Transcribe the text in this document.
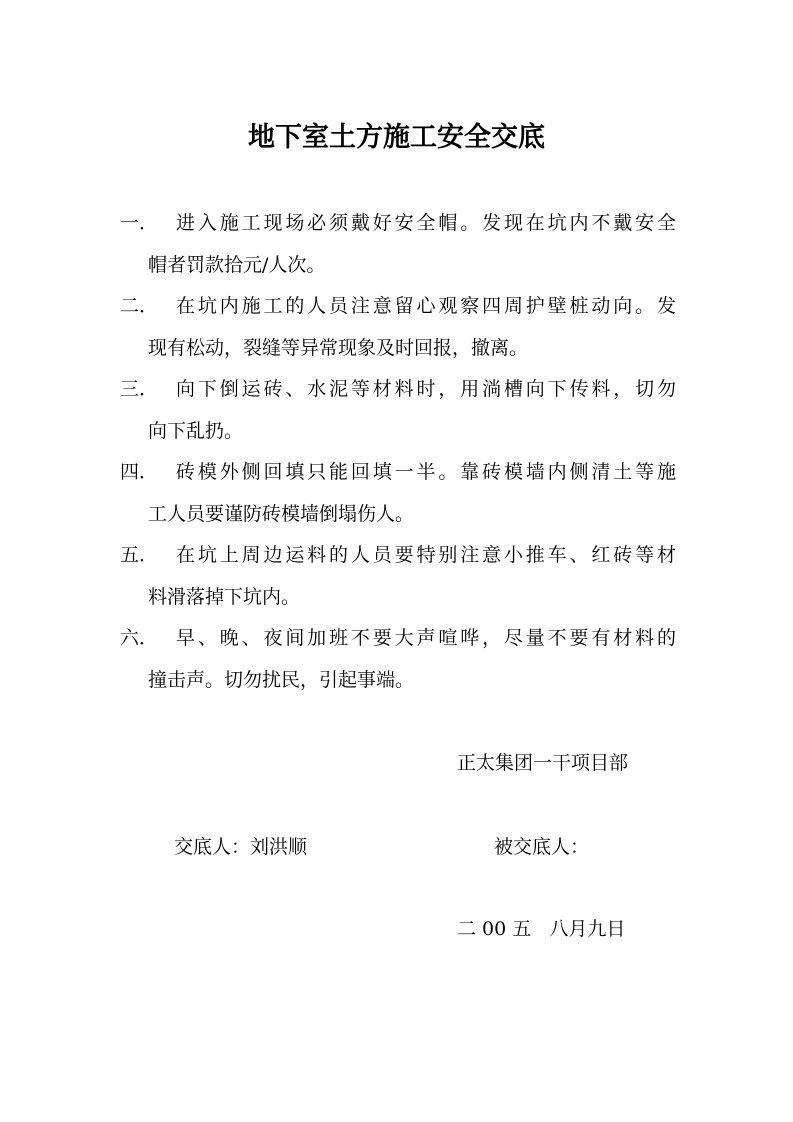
地下室土方施工安全交底
一． 进入施工现场必须戴好安全帽。发现在坑内不戴安全
帽者罚款拾元/人次。
二． 在坑内施工的人员注意留心观察四周护壁桩动向。发
现有松动，裂缝等异常现象及时回报，撤离。
三． 向下倒运砖、水泥等材料时，用淌槽向下传料，切勿
向下乱扔。
四． 砖模外侧回填只能回填一半。靠砖模墙内侧清土等施
工人员要谨防砖模墙倒塌伤人。
五． 在坑上周边运料的人员要特别注意小推车、红砖等材
料滑落掉下坑内。
六． 早、晚、夜间加班不要大声喧哗，尽量不要有材料的
撞击声。切勿扰民，引起事端。
正太集团一干项目部
交底人：刘洪顺	被交底人：
二 00 五   八月九日
